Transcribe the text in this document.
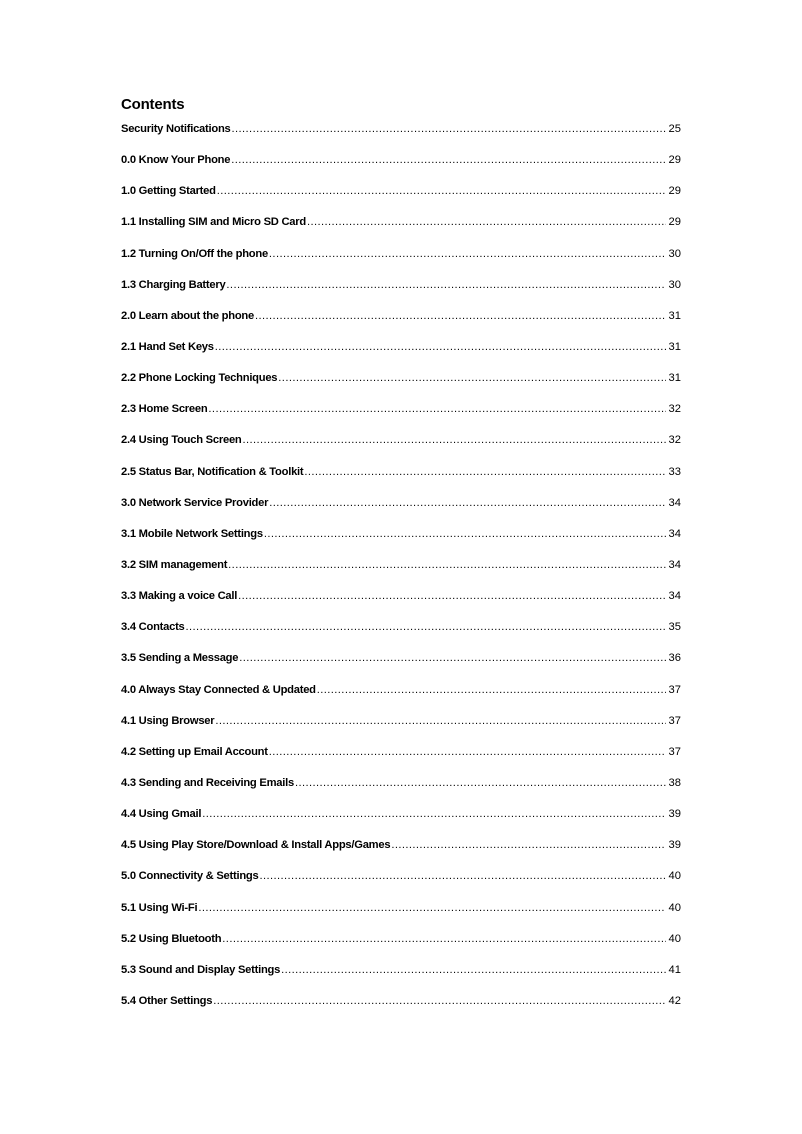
Contents
Security Notifications .....	25
0.0 Know Your Phone .....	29
1.0 Getting Started .....	29
1.1 Installing SIM and Micro SD Card .....	29
1.2 Turning On/Off the phone .....	30
1.3 Charging Battery .....	30
2.0 Learn about the phone .....	31
2.1 Hand Set Keys .....	31
2.2 Phone Locking Techniques .....	31
2.3 Home Screen .....	32
2.4 Using Touch Screen .....	32
2.5 Status Bar, Notification & Toolkit .....	33
3.0 Network Service Provider .....	34
3.1 Mobile Network Settings .....	34
3.2 SIM management .....	34
3.3 Making a voice Call .....	34
3.4 Contacts .....	35
3.5 Sending a Message .....	36
4.0 Always Stay Connected & Updated .....	37
4.1 Using Browser .....	37
4.2 Setting up Email Account .....	37
4.3 Sending and Receiving Emails .....	38
4.4 Using Gmail .....	39
4.5 Using Play Store/Download & Install Apps/Games .....	39
5.0 Connectivity & Settings .....	40
5.1 Using Wi-Fi .....	40
5.2 Using Bluetooth .....	40
5.3 Sound and Display Settings .....	41
5.4 Other Settings .....	42
